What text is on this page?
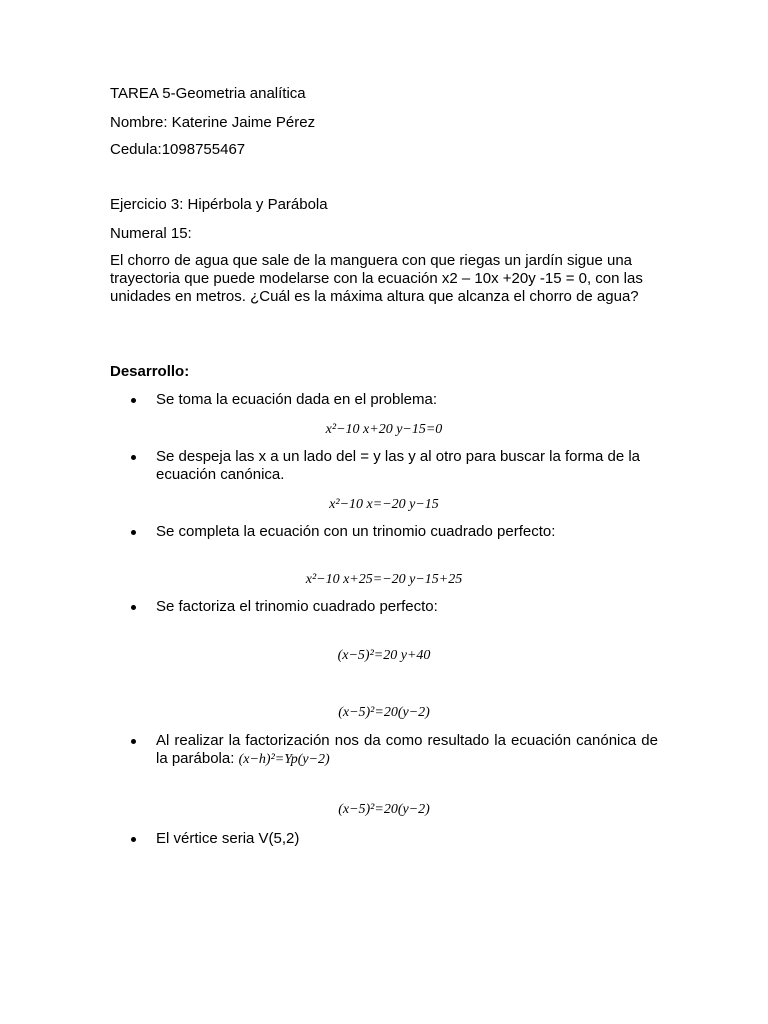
TAREA 5-Geometria analítica
Nombre: Katerine Jaime Pérez
Cedula:1098755467
Ejercicio 3: Hipérbola y Parábola
Numeral 15:
El chorro de agua que sale de la manguera con que riegas un jardín sigue una trayectoria que puede modelarse con la ecuación x2 – 10x +20y -15 = 0, con las unidades en metros. ¿Cuál es la máxima altura que alcanza el chorro de agua?
Desarrollo:
Se toma la ecuación dada en el problema:
x²−10 x+20 y−15=0
Se despeja las x a un lado del = y las y al otro para buscar la forma de la ecuación canónica.
x²−10 x=−20 y−15
Se completa la ecuación con un trinomio cuadrado perfecto:
x²−10 x+25=−20 y−15+25
Se factoriza el trinomio cuadrado perfecto:
(x−5)²=20 y+40
(x−5)²=20(y−2)
Al realizar la factorización nos da como resultado la ecuación canónica de la parábola: (x−h)²=Yp(y−2)
(x−5)²=20(y−2)
El vértice seria V(5,2)
